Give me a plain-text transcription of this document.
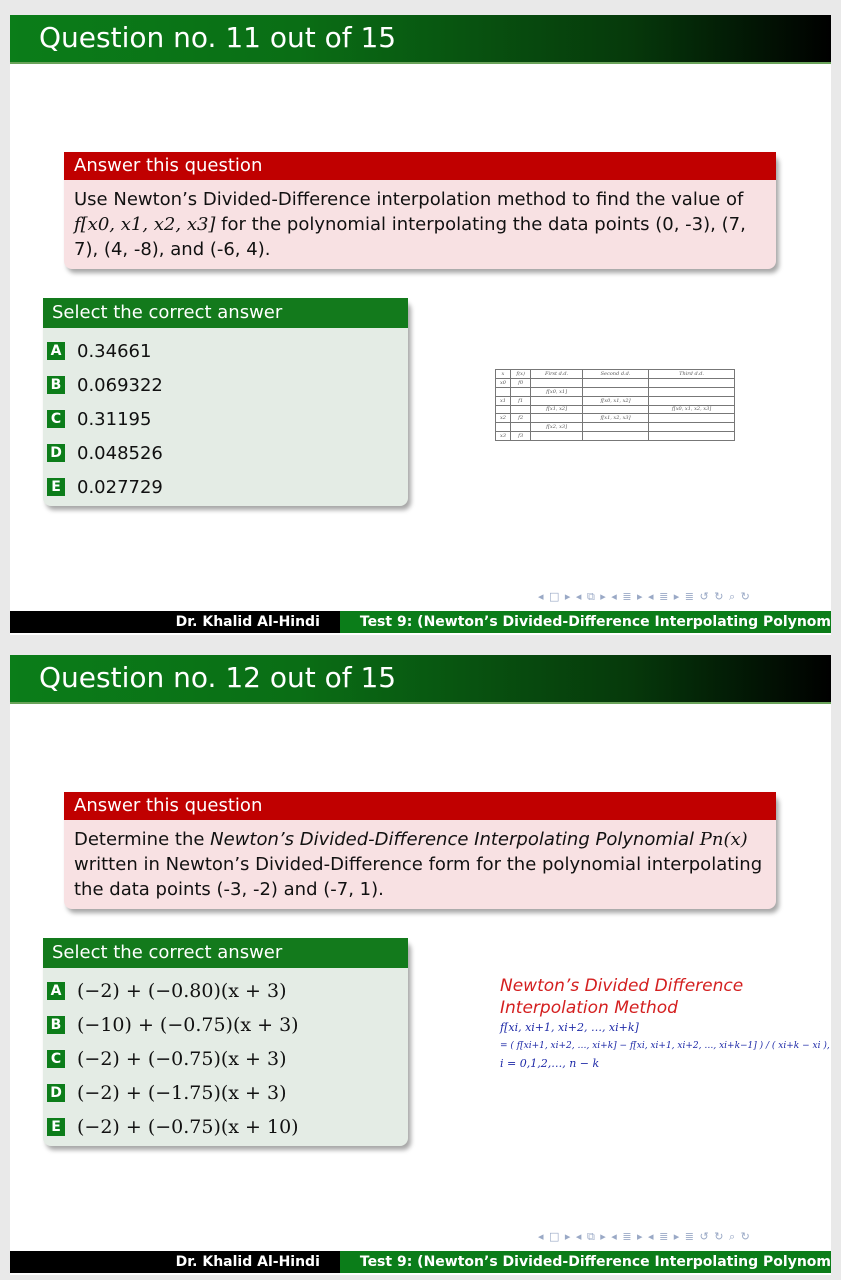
Question no. 11 out of 15
Answer this question
Use Newton’s Divided-Difference interpolation method to find the value of
f[x0, x1, x2, x3] for the polynomial interpolating the data points (0, -3), (7, 7), (4, -8), and (-6, 4).
Select the correct answer
A 0.34661
B 0.069322
C 0.31195
D 0.048526
E 0.027729
x	f(x)	First d.d.	Second d.d.	Third d.d.
x0	f0			
		f[x0, x1]		
x1	f1		f[x0, x1, x2]	
		f[x1, x2]		f[x0, x1, x2, x3]
x2	f2		f[x1, x2, x3]	
		f[x2, x3]		
x3	f3			
◂ □ ▸ ◂ ⧉ ▸ ◂ ≣ ▸ ◂ ≣ ▸ ≣ ↺ ↻ ⌕ ↻
Dr. Khalid Al-Hindi	Test 9: (Newton’s Divided-Difference Interpolating Polynom
Question no. 12 out of 15
Answer this question
Determine the Newton’s Divided-Difference Interpolating Polynomial Pn(x) written in Newton’s Divided-Difference form for the polynomial interpolating the data points (-3, -2) and (-7, 1).
Select the correct answer
A (−2) + (−0.80)(x + 3)
B (−10) + (−0.75)(x + 3)
C (−2) + (−0.75)(x + 3)
D (−2) + (−1.75)(x + 3)
E (−2) + (−0.75)(x + 10)
Newton’s Divided Difference
Interpolation Method
f[xi, xi+1, xi+2, …, xi+k]
= ( f[xi+1, xi+2, …, xi+k] − f[xi, xi+1, xi+2, …, xi+k−1] ) / ( xi+k − xi ),
i = 0,1,2,…, n − k
◂ □ ▸ ◂ ⧉ ▸ ◂ ≣ ▸ ◂ ≣ ▸ ≣ ↺ ↻ ⌕ ↻
Dr. Khalid Al-Hindi	Test 9: (Newton’s Divided-Difference Interpolating Polynom
